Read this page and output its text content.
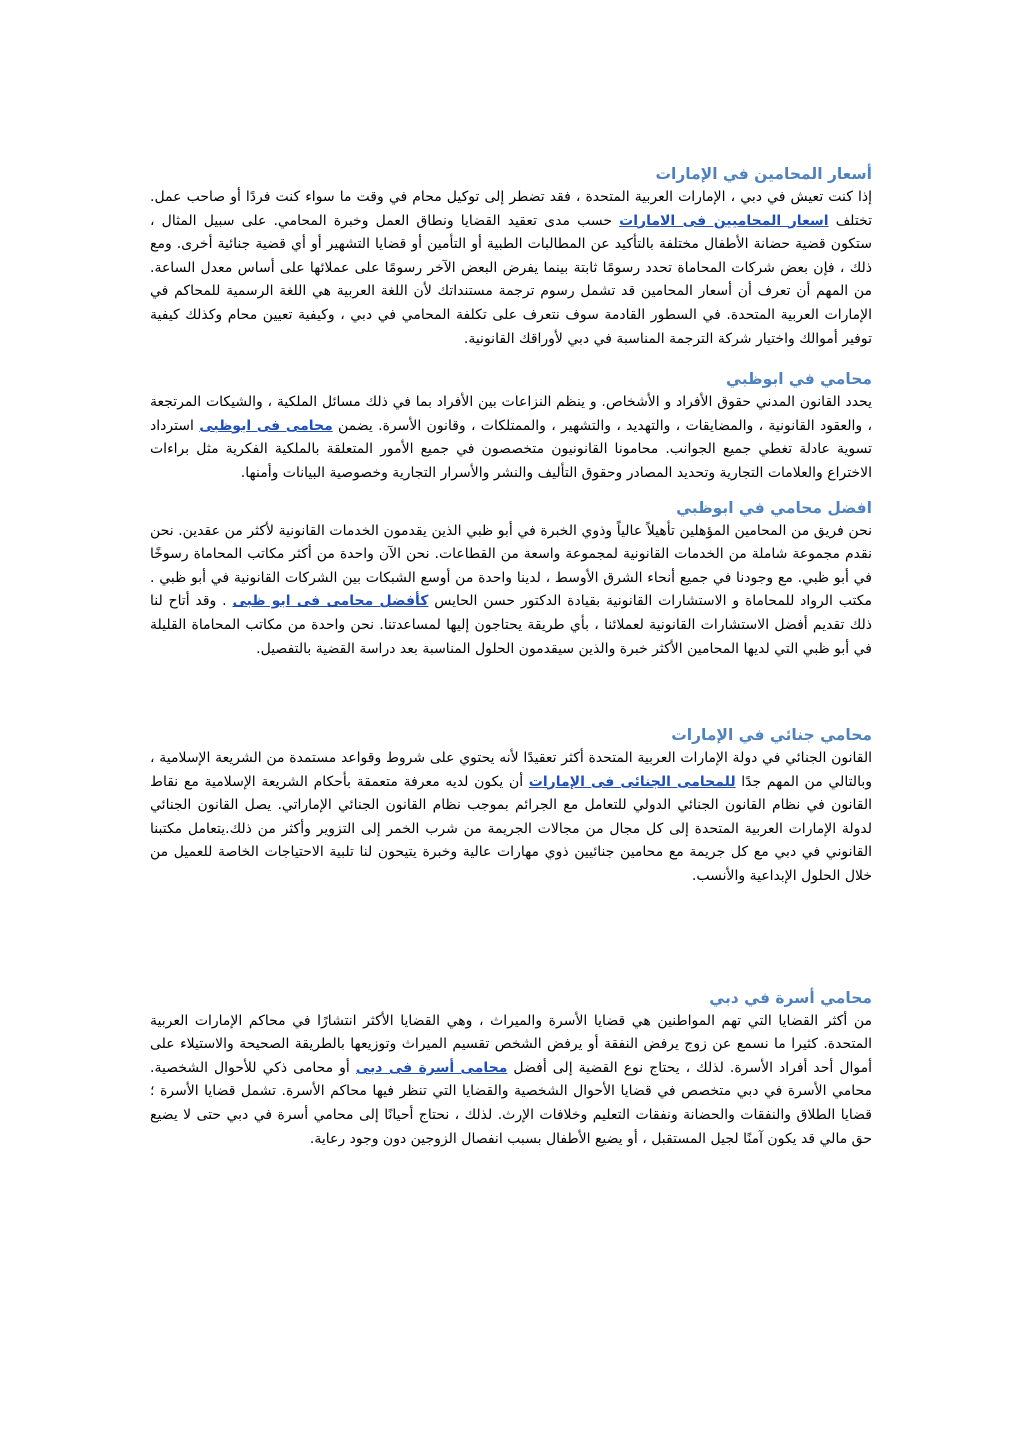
أسعار المحامين في الإمارات

إذا كنت تعيش في دبي ، الإمارات العربية المتحدة ، فقد تضطر إلى توكيل محام في وقت ما سواء كنت فردًا أو صاحب عمل. تختلف اسعار المحاميين فى الامارات حسب مدى تعقيد القضايا ونطاق العمل وخبرة المحامي. على سبيل المثال ، ستكون قضية حضانة الأطفال مختلفة بالتأكيد عن المطالبات الطبية أو التأمين أو قضايا التشهير أو أي قضية جنائية أخرى. ومع ذلك ، فإن بعض شركات المحاماة تحدد رسومًا ثابتة بينما يفرض البعض الآخر رسومًا على عملائها على أساس معدل الساعة. من المهم أن تعرف أن أسعار المحامين قد تشمل رسوم ترجمة مستنداتك لأن اللغة العربية هي اللغة الرسمية للمحاكم في الإمارات العربية المتحدة. في السطور القادمة سوف نتعرف على تكلفة المحامي في دبي ، وكيفية تعيين محام وكذلك كيفية توفير أموالك واختيار شركة الترجمة المناسبة في دبي لأوراقك القانونية.

محامي في ابوظبي

يحدد القانون المدني حقوق الأفراد و الأشخاص. و ينظم النزاعات بين الأفراد بما في ذلك مسائل الملكية ، والشيكات المرتجعة ، والعقود القانونية ، والمضايقات ، والتهديد ، والتشهير ، والممتلكات ، وقانون الأسرة. يضمن محامى فى ابوظبى استرداد تسوية عادلة تغطي جميع الجوانب. محامونا القانونيون متخصصون في جميع الأمور المتعلقة بالملكية الفكرية مثل براءات الاختراع والعلامات التجارية وتحديد المصادر وحقوق التأليف والنشر والأسرار التجارية وخصوصية البيانات وأمنها.

افضل محامي في ابوظبي

نحن فريق من المحامين المؤهلين تأهيلاً عالياً وذوي الخبرة في أبو ظبي الذين يقدمون الخدمات القانونية لأكثر من عقدين. نحن نقدم مجموعة شاملة من الخدمات القانونية لمجموعة واسعة من القطاعات. نحن الآن واحدة من أكثر مكاتب المحاماة رسوخًا في أبو ظبي. مع وجودنا في جميع أنحاء الشرق الأوسط ، لدينا واحدة من أوسع الشبكات بين الشركات القانونية في أبو ظبي . مكتب الرواد للمحاماة و الاستشارات القانونية بقيادة الدكتور حسن الحايس كأفضل محامى فى ابو ظبى . وقد أتاح لنا ذلك تقديم أفضل الاستشارات القانونية لعملائنا ، بأي طريقة يحتاجون إليها لمساعدتنا. نحن واحدة من مكاتب المحاماة القليلة في أبو ظبي التي لديها المحامين الأكثر خبرة والذين سيقدمون الحلول المناسبة بعد دراسة القضية بالتفصيل.

محامي جنائي في الإمارات

القانون الجنائي في دولة الإمارات العربية المتحدة أكثر تعقيدًا لأنه يحتوي على شروط وقواعد مستمدة من الشريعة الإسلامية ، وبالتالي من المهم جدًا للمحامى الجنائى فى الإمارات أن يكون لديه معرفة متعمقة بأحكام الشريعة الإسلامية مع نقاط القانون في نظام القانون الجنائي الدولي للتعامل مع الجرائم بموجب نظام القانون الجنائي الإماراتي. يصل القانون الجنائي لدولة الإمارات العربية المتحدة إلى كل مجال من مجالات الجريمة من شرب الخمر إلى التزوير وأكثر من ذلك.يتعامل مكتبنا القانوني في دبي مع كل جريمة مع محامين جنائيين ذوي مهارات عالية وخبرة يتيحون لنا تلبية الاحتياجات الخاصة للعميل من خلال الحلول الإبداعية والأنسب.

محامي أسرة في دبي

من أكثر القضايا التي تهم المواطنين هي قضايا الأسرة والميراث ، وهي القضايا الأكثر انتشارًا في محاكم الإمارات العربية المتحدة. كثيرا ما نسمع عن زوج يرفض النفقة أو يرفض الشخص تقسيم الميراث وتوزيعها بالطريقة الصحيحة والاستيلاء على أموال أحد أفراد الأسرة. لذلك ، يحتاج نوع القضية إلى أفضل محامى أسرة فى دبى أو محامى ذكي للأحوال الشخصية. محامي الأسرة في دبي متخصص في قضايا الأحوال الشخصية والقضايا التي تنظر فيها محاكم الأسرة. تشمل قضايا الأسرة ؛ قضايا الطلاق والنفقات والحضانة ونفقات التعليم وخلافات الإرث. لذلك ، نحتاج أحيانًا إلى محامي أسرة في دبي حتى لا يضيع حق مالي قد يكون آمنًا لجيل المستقبل ، أو يضيع الأطفال بسبب انفصال الزوجين دون وجود رعاية.
